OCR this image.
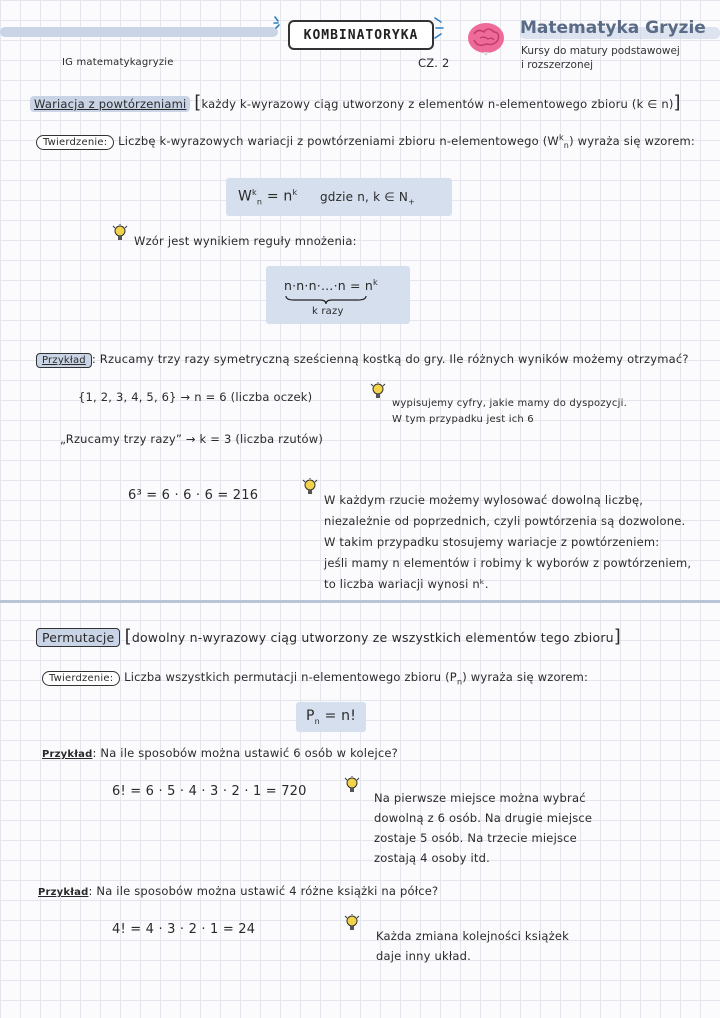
KOMBINATORYKA	Matematyka Gryzie
Kursy do matury podstawowej
i rozszerzonej
IG matematykagryzie	CZ. 2
Wariacja z powtórzeniami [każdy k-wyrazowy ciąg utworzony z elementów n-elementowego zbioru (k ∈ n)]
Twierdzenie: Liczbę k-wyrazowych wariacji z powtórzeniami zbioru n-elementowego $(W^k_n)$ wyraża się wzorem:
$W^k_n = n^k$ gdzie n, k ∈ $N_+$
Wzór jest wynikiem reguły mnożenia:
n·n·n·…·n = $n^k$
k razy
Przykład : Rzucamy trzy razy symetryczną sześcienną kostką do gry. Ile różnych wyników możemy otrzymać?
{1, 2, 3, 4, 5, 6} → n = 6 (liczba oczek)
„Rzucamy trzy razy” → k = 3 (liczba rzutów)
wypisujemy cyfry, jakie mamy do dyspozycji.
W tym przypadku jest ich 6
6³ = 6 · 6 · 6 = 216	W każdym rzucie możemy wylosować dowolną liczbę,
niezależnie od poprzednich, czyli powtórzenia są dozwolone.
W takim przypadku stosujemy wariacje z powtórzeniem:
jeśli mamy n elementów i robimy k wyborów z powtórzeniem,
to liczba wariacji wynosi nᵏ.
Permutacje [dowolny n-wyrazowy ciąg utworzony ze wszystkich elementów tego zbioru]
Twierdzenie: Liczba wszystkich permutacji n-elementowego zbioru $(P_n)$ wyraża się wzorem:
$P_n = n$!
Przykład: Na ile sposobów można ustawić 6 osób w kolejce?
6! = 6 · 5 · 4 · 3 · 2 · 1 = 720	Na pierwsze miejsce można wybrać
dowolną z 6 osób. Na drugie miejsce
zostaje 5 osób. Na trzecie miejsce
zostają 4 osoby itd.
Przykład: Na ile sposobów można ustawić 4 różne książki na półce?
4! = 4 · 3 · 2 · 1 = 24	Każda zmiana kolejności książek
daje inny układ.
